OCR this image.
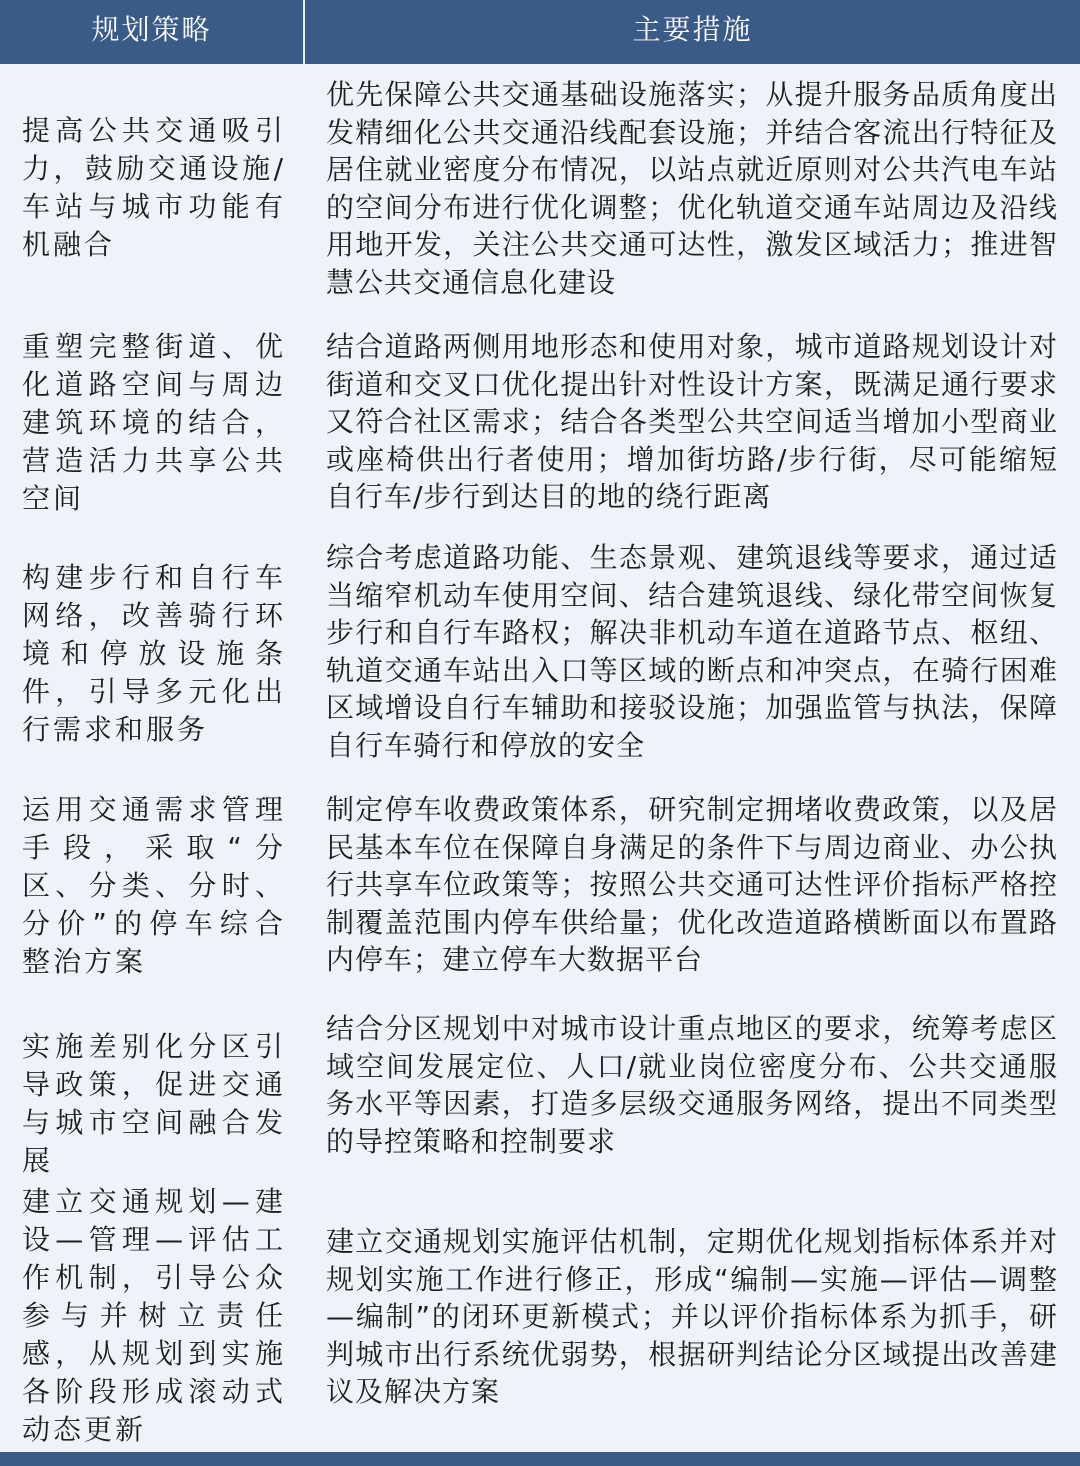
规划策略	主要措施
提高公共交通吸引力，鼓励交通设施/车站与城市功能有机融合
优先保障公共交通基础设施落实；从提升服务品质角度出发精细化公共交通沿线配套设施；并结合客流出行特征及居住就业密度分布情况，以站点就近原则对公共汽电车站的空间分布进行优化调整；优化轨道交通车站周边及沿线用地开发，关注公共交通可达性，激发区域活力；推进智慧公共交通信息化建设
重塑完整街道、优化道路空间与周边建筑环境的结合，营造活力共享公共空间
结合道路两侧用地形态和使用对象，城市道路规划设计对街道和交叉口优化提出针对性设计方案，既满足通行要求又符合社区需求；结合各类型公共空间适当增加小型商业或座椅供出行者使用；增加街坊路/步行街，尽可能缩短自行车/步行到达目的地的绕行距离
构建步行和自行车网络，改善骑行环境和停放设施条件，引导多元化出行需求和服务
综合考虑道路功能、生态景观、建筑退线等要求，通过适当缩窄机动车使用空间、结合建筑退线、绿化带空间恢复步行和自行车路权；解决非机动车道在道路节点、枢纽、轨道交通车站出入口等区域的断点和冲突点，在骑行困难区域增设自行车辅助和接驳设施；加强监管与执法，保障自行车骑行和停放的安全
运用交通需求管理手段，采取“分区、分类、分时、分价”的停车综合整治方案
制定停车收费政策体系，研究制定拥堵收费政策，以及居民基本车位在保障自身满足的条件下与周边商业、办公执行共享车位政策等；按照公共交通可达性评价指标严格控制覆盖范围内停车供给量；优化改造道路横断面以布置路内停车；建立停车大数据平台
实施差别化分区引导政策，促进交通与城市空间融合发展
结合分区规划中对城市设计重点地区的要求，统筹考虑区域空间发展定位、人口/就业岗位密度分布、公共交通服务水平等因素，打造多层级交通服务网络，提出不同类型的导控策略和控制要求
建立交通规划—建设—管理—评估工作机制，引导公众参与并树立责任感，从规划到实施各阶段形成滚动式动态更新
建立交通规划实施评估机制，定期优化规划指标体系并对规划实施工作进行修正，形成“编制—实施—评估—调整—编制”的闭环更新模式；并以评价指标体系为抓手，研判城市出行系统优弱势，根据研判结论分区域提出改善建议及解决方案
